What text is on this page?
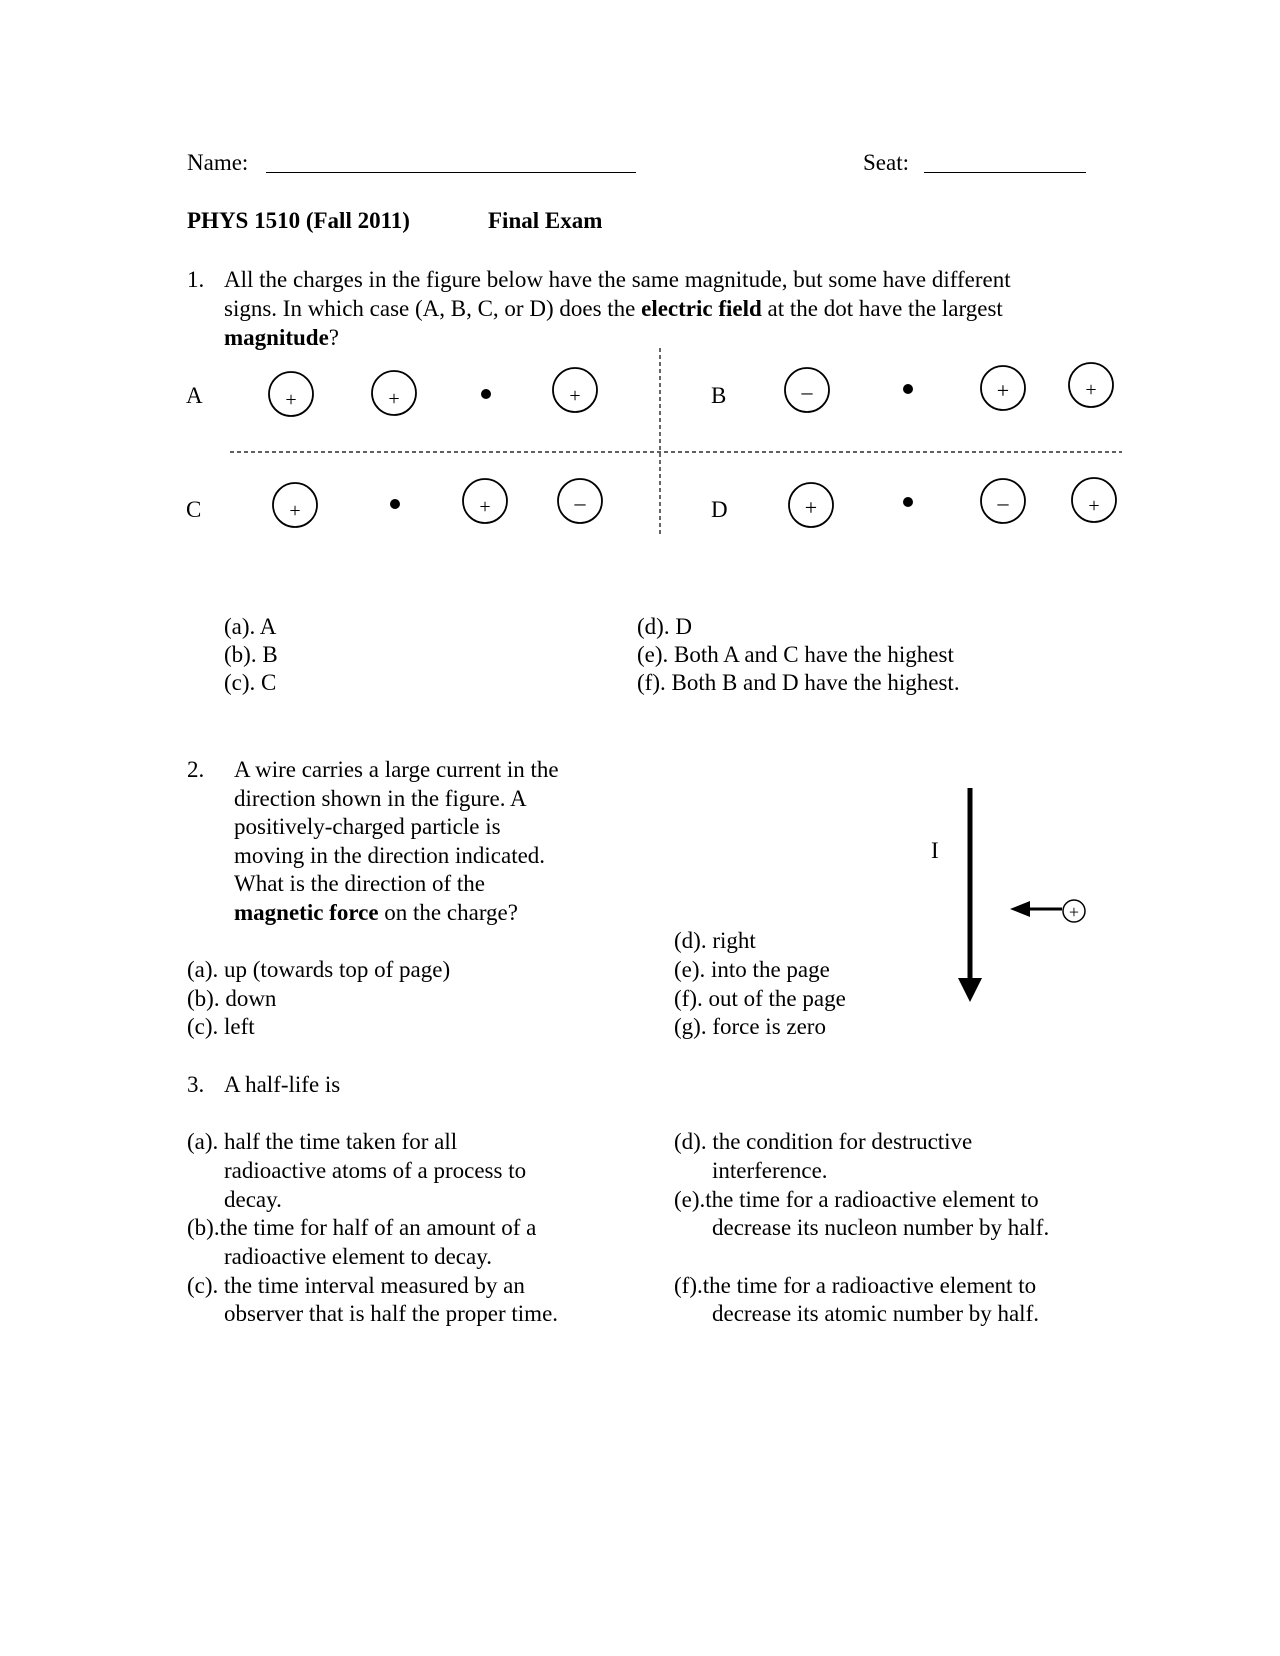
Name:	Seat:
PHYS 1510 (Fall 2011)	Final Exam
1. All the charges in the figure below have the same magnitude, but some have different
signs. In which case (A, B, C, or D) does the electric field at the dot have the largest
magnitude?
A	B
C	D
+	+	+	–	+	+
+	+	–	+	–	+
(a). A
(b). B
(c). C
(d). D
(e). Both A and C have the highest
(f). Both B and D have the highest.
2. A wire carries a large current in the
direction shown in the figure. A
positively-charged particle is
moving in the direction indicated.
What is the direction of the
magnetic force on the charge?
I
+
(a). up (towards top of page)
(b). down
(c). left
(d). right
(e). into the page
(f). out of the page
(g). force is zero
3. A half-life is
(a). half the time taken for all
radioactive atoms of a process to
decay.
(b).the time for half of an amount of a
radioactive element to decay.
(c). the time interval measured by an
observer that is half the proper time.
(d). the condition for destructive
interference.
(e).the time for a radioactive element to
decrease its nucleon number by half.
(f).the time for a radioactive element to
decrease its atomic number by half.
